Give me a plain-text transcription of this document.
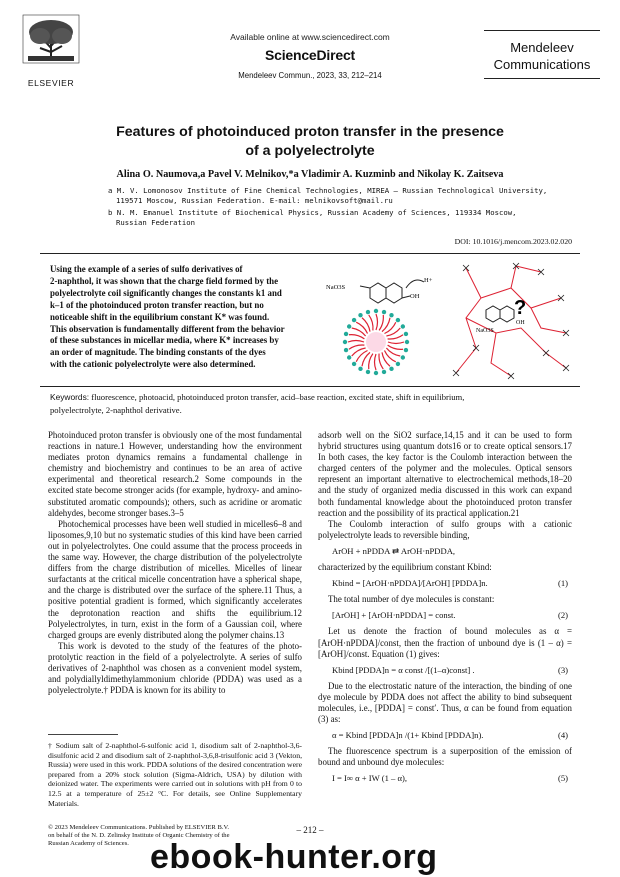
ELSEVIER
Available online at www.sciencedirect.com
ScienceDirect
Mendeleev Commun., 2023, 33, 212–214
Mendeleev
Communications
Features of photoinduced proton transfer in the presence
of a polyelectrolyte
Alina O. Naumova,a Pavel V. Melnikov,*a Vladimir A. Kuzminb and Nikolay K. Zaitseva
a M. V. Lomonosov Institute of Fine Chemical Technologies, MIREA – Russian Technological University,
119571 Moscow, Russian Federation. E-mail: melnikovsoft@mail.ru
b N. M. Emanuel Institute of Biochemical Physics, Russian Academy of Sciences, 119334 Moscow,
Russian Federation
DOI: 10.1016/j.mencom.2023.02.020
Using the example of a series of sulfo derivatives of
2-naphthol, it was shown that the charge field formed by the
polyelectrolyte coil significantly changes the constants k1 and
k–1 of the photoinduced proton transfer reaction, but no
noticeable shift in the equilibrium constant K* was found.
This observation is fundamentally different from the behavior
of these substances in micellar media, where K* increases by
an order of magnitude. The binding constants of the dyes
with the cationic polyelectrolyte were also determined.
NaO3S
OH
H+
NaO3S
OH
?
Keywords: fluorescence, photoacid, photoinduced proton transfer, acid–base reaction, excited state, shift in equilibrium,
polyelectrolyte, 2-naphthol derivative.

Photoinduced proton transfer is obviously one of the most fundamental reactions in nature.1 However, understanding how the environment mediates proton dynamics remains a fundamental challenge in chemistry and biochemistry and continues to be an area of active experimental and theoretical research.2 Some compounds in the excited state become stronger acids (for example, hydroxy- and amino-substituted aromatic compounds); others, such as acridine or aromatic aldehydes, become stronger bases.3–5

Photochemical processes have been well studied in micelles6–8 and liposomes,9,10 but no systematic studies of this kind have been carried out in polyelectrolytes. One could assume that the process proceeds in the same way. However, the charge distribution of the polyelectrolyte differs from the charge distribution of micelles. Micelles of linear surfactants at the critical micelle concentration have a spherical shape, and the charge is distributed over the surface of the sphere.11 Thus, a positive potential gradient is formed, which significantly accelerates the deprotonation reaction and shifts the equilibrium.12 Polyelectrolytes, in turn, exist in the form of a Gaussian coil, where charged groups are evenly distributed along the polymer chains.13

This work is devoted to the study of the features of the photo-protolytic reaction in the field of a polyelectrolyte. A series of sulfo derivatives of 2-naphthol was chosen as a convenient model system, and polydiallyldimethylammonium chloride (PDDA) was used as a polyelectrolyte.† PDDA is known for its ability to

† Sodium salt of 2-naphthol-6-sulfonic acid 1, disodium salt of 2-naphthol-3,6-disulfonic acid 2 and disodium salt of 2-naphthol-3,6,8-trisulfonic acid 3 (Vekton, Russia) were used in this work. PDDA solutions of the desired concentration were prepared from a 20% stock solution (Sigma-Aldrich, USA) by dilution with deionized water. The experiments were carried out in solutions with pH from 0 to 12.5 at a temperature of 25±2 °C. For details, see Online Supplementary Materials.

adsorb well on the SiO2 surface,14,15 and it can be used to form hybrid structures using quantum dots16 or to create optical sensors.17 In both cases, the key factor is the Coulomb interaction between the charged centers of the polymer and the molecules. Optical sensors represent an important alternative to electrochemical methods,18–20 and the study of organized media discussed in this work can expand both fundamental knowledge about the photoinduced proton transfer reaction and the possibility of its practical application.21

The Coulomb interaction of sulfo groups with a cationic polyelectrolyte leads to reversible binding,

ArOH + nPDDA ⇄ ArOH·nPDDA,

characterized by the equilibrium constant Kbind:

Kbind = [ArOH·nPDDA]/[ArOH] [PDDA]n.	(1)

The total number of dye molecules is constant:

[ArOH] + [ArOH·nPDDA] = const.	(2)

Let us denote the fraction of bound molecules as α = [ArOH·nPDDA]/const, then the fraction of unbound dye is (1 – α) = [ArOH]/const. Equation (1) gives:

Kbind [PDDA]n = α const /[(1–α)const] .	(3)

Due to the electrostatic nature of the interaction, the binding of one dye molecule by PDDA does not affect the ability to bind subsequent molecules, i.e., [PDDA] = const′. Thus, α can be found from equation (3) as:

α = Kbind [PDDA]n /(1+ Kbind [PDDA]n).	(4)

The fluorescence spectrum is a superposition of the emission of bound and unbound dye molecules:

I = I∞ α + IW (1 – α),	(5)
© 2023 Mendeleev Communications. Published by ELSEVIER B.V.
on behalf of the N. D. Zelinsky Institute of Organic Chemistry of the
Russian Academy of Sciences.
– 212 –
ebook-hunter.org
